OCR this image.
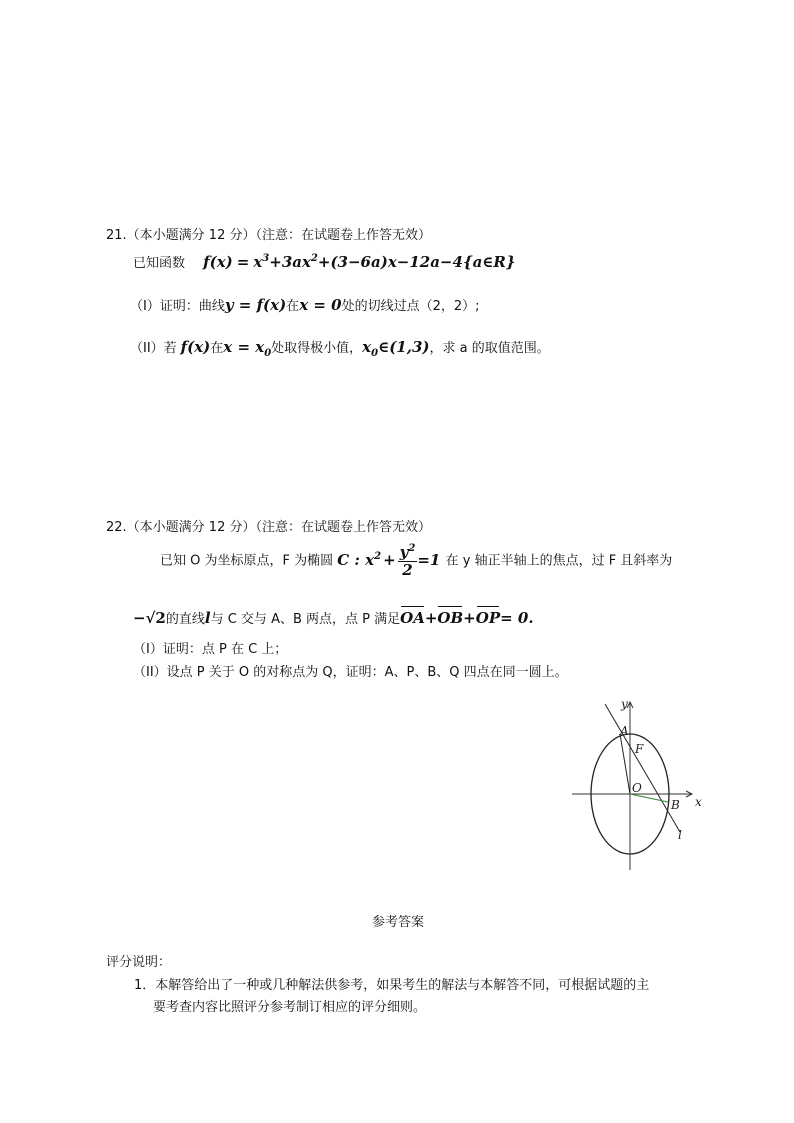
21.（本小题满分 12 分）（注意：在试题卷上作答无效）
已知函数 $f(x) = x^3+3ax^2+(3-6a)x-12a-4\{a\in R\}$
（I）证明：曲线y = f(x)在x = 0处的切线过点（2，2）;
（II）若 f(x)在$x = x_0$处取得极小值，$x_0\in(1,3)$，求 a 的取值范围。
22.（本小题满分 12 分）（注意：在试题卷上作答无效）
已知 O 为坐标原点，F 为椭圆 C : $x^2 + \frac{y^2}{2} =1$ 在 y 轴正半轴上的焦点，过 F 且斜率为
−√2的直线l与 C 交与 A、B 两点，点 P 满足OA+OB+OP= 0.
（Ⅰ）证明：点 P 在 C 上；
（II）设点 P 关于 O 的对称点为 Q，证明：A、P、B、Q 四点在同一圆上。
y
A
F
O
B x
l
参考答案
评分说明：
1．本解答给出了一种或几种解法供参考，如果考生的解法与本解答不同，可根据试题的主
要考查内容比照评分参考制订相应的评分细则。
